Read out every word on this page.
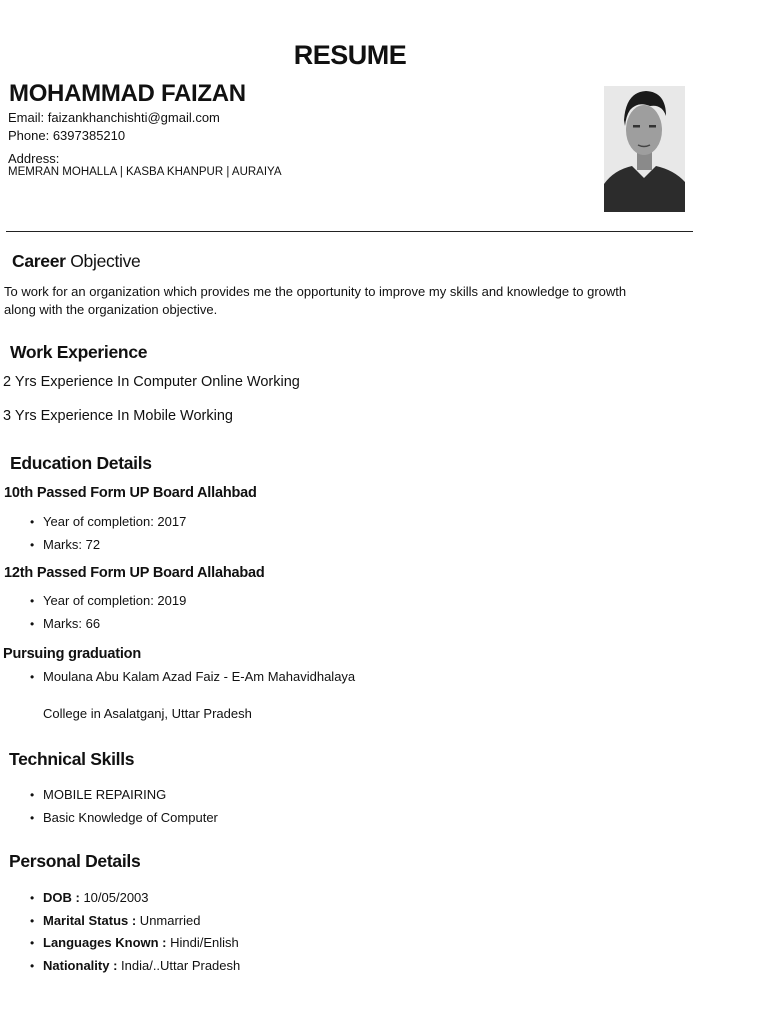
RESUME
MOHAMMAD FAIZAN
Email: faizankhanchishti@gmail.com
Phone: 6397385210
Address:
MEMRAN MOHALLA | KASBA KHANPUR | AURAIYA
Career Objective
To work for an organization which provides me the opportunity to improve my skills and knowledge to growth
along with the organization objective.
Work Experience
2 Yrs Experience In Computer Online Working
3 Yrs Experience In Mobile Working
Education Details
10th Passed Form UP Board Allahbad
• Year of completion: 2017
• Marks: 72
12th Passed Form UP Board Allahabad
• Year of completion: 2019
• Marks: 66
Pursuing graduation
• Moulana Abu Kalam Azad Faiz - E-Am Mahavidhalaya
College in Asalatganj, Uttar Pradesh
Technical Skills
• MOBILE REPAIRING
• Basic Knowledge of Computer
Personal Details
• DOB : 10/05/2003
• Marital Status : Unmarried
• Languages Known : Hindi/Enlish
• Nationality : India/..Uttar Pradesh
